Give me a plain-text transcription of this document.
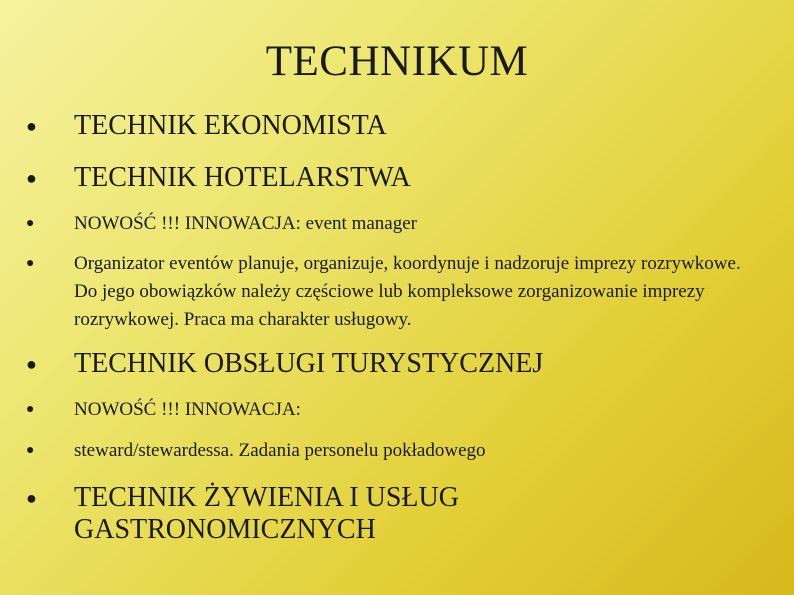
TECHNIKUM
● TECHNIK EKONOMISTA
● TECHNIK HOTELARSTWA
● NOWOŚĆ !!! INNOWACJA: event manager
● Organizator eventów planuje, organizuje, koordynuje i nadzoruje imprezy rozrywkowe. Do jego obowiązków należy częściowe lub kompleksowe zorganizowanie imprezy rozrywkowej. Praca ma charakter usługowy.
● TECHNIK OBSŁUGI TURYSTYCZNEJ
● NOWOŚĆ !!! INNOWACJA:
● steward/stewardessa. Zadania personelu pokładowego
● TECHNIK ŻYWIENIA I USŁUG GASTRONOMICZNYCH
